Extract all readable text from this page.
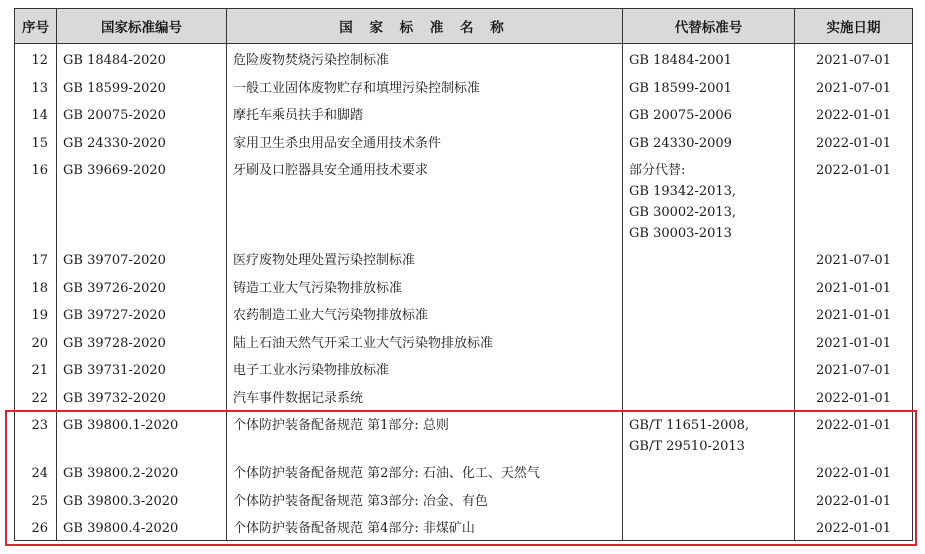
序号	国家标准编号	国 家 标 准 名 称	代替标准号	实施日期
12	GB 18484-2020	危险废物焚烧污染控制标准	GB 18484-2001	2021-07-01
13	GB 18599-2020	一般工业固体废物贮存和填埋污染控制标准	GB 18599-2001	2021-07-01
14	GB 20075-2020	摩托车乘员扶手和脚踏	GB 20075-2006	2022-01-01
15	GB 24330-2020	家用卫生杀虫用品安全通用技术条件	GB 24330-2009	2022-01-01
16	GB 39669-2020	牙刷及口腔器具安全通用技术要求	部分代替:
GB 19342-2013,
GB 30002-2013,
GB 30003-2013	2022-01-01
17	GB 39707-2020	医疗废物处理处置污染控制标准		2021-07-01
18	GB 39726-2020	铸造工业大气污染物排放标准		2021-01-01
19	GB 39727-2020	农药制造工业大气污染物排放标准		2021-01-01
20	GB 39728-2020	陆上石油天然气开采工业大气污染物排放标准		2021-01-01
21	GB 39731-2020	电子工业水污染物排放标准		2021-07-01
22	GB 39732-2020	汽车事件数据记录系统		2022-01-01
23	GB 39800.1-2020	个体防护装备配备规范 第1部分: 总则	GB/T 11651-2008,
GB/T 29510-2013	2022-01-01
24	GB 39800.2-2020	个体防护装备配备规范 第2部分: 石油、化工、天然气		2022-01-01
25	GB 39800.3-2020	个体防护装备配备规范 第3部分: 冶金、有色		2022-01-01
26	GB 39800.4-2020	个体防护装备配备规范 第4部分: 非煤矿山		2022-01-01
